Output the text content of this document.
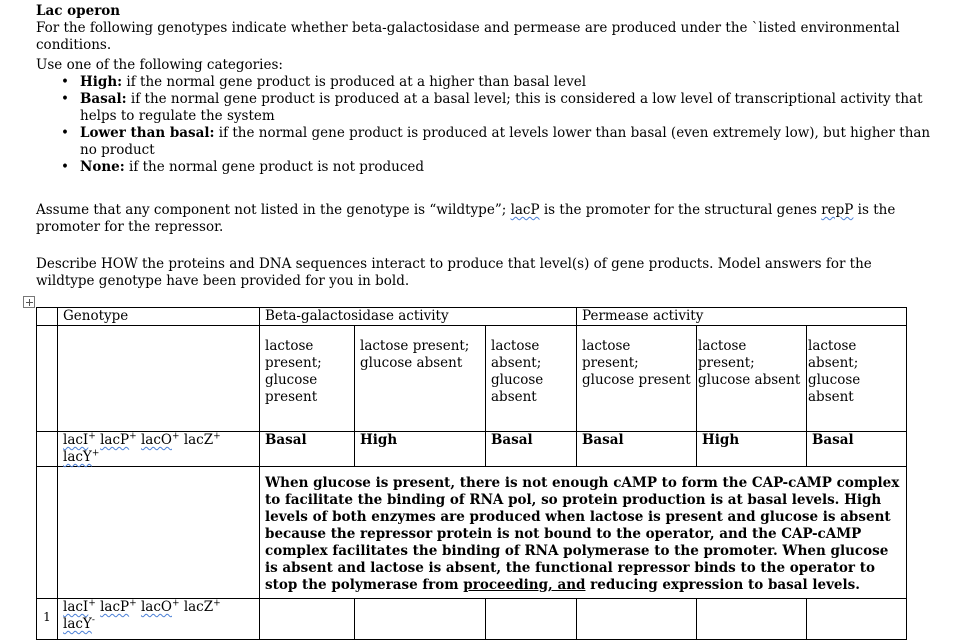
Lac operon
For the following genotypes indicate whether beta-galactosidase and permease are produced under the `listed environmental conditions.
Use one of the following categories:
• High: if the normal gene product is produced at a higher than basal level
• Basal: if the normal gene product is produced at a basal level; this is considered a low level of transcriptional activity that helps to regulate the system
• Lower than basal: if the normal gene product is produced at levels lower than basal (even extremely low), but higher than no product
• None: if the normal gene product is not produced
Assume that any component not listed in the genotype is “wildtype”; lacP is the promoter for the structural genes repP is the promoter for the repressor.
Describe HOW the proteins and DNA sequences interact to produce that level(s) of gene products. Model answers for the wildtype genotype have been provided for you in bold.
	Genotype	Beta-galactosidase activity			Permease activity		
		lactose present; glucose present	lactose present; glucose absent	lactose absent; glucose absent	lactose present; glucose present	lactose present; glucose absent	lactose absent; glucose absent
	lacI+ lacP+ lacO+ lacZ+ lacY+	Basal	High	Basal	Basal	High	Basal
		When glucose is present, there is not enough cAMP to form the CAP-cAMP complex to facilitate the binding of RNA pol, so protein production is at basal levels. High levels of both enzymes are produced when lactose is present and glucose is absent because the repressor protein is not bound to the operator, and the CAP-cAMP complex facilitates the binding of RNA polymerase to the promoter. When glucose is absent and lactose is absent, the functional repressor binds to the operator to stop the polymerase from proceeding, and reducing expression to basal levels.					
1	lacI+ lacP+ lacO+ lacZ+ lacY-						
